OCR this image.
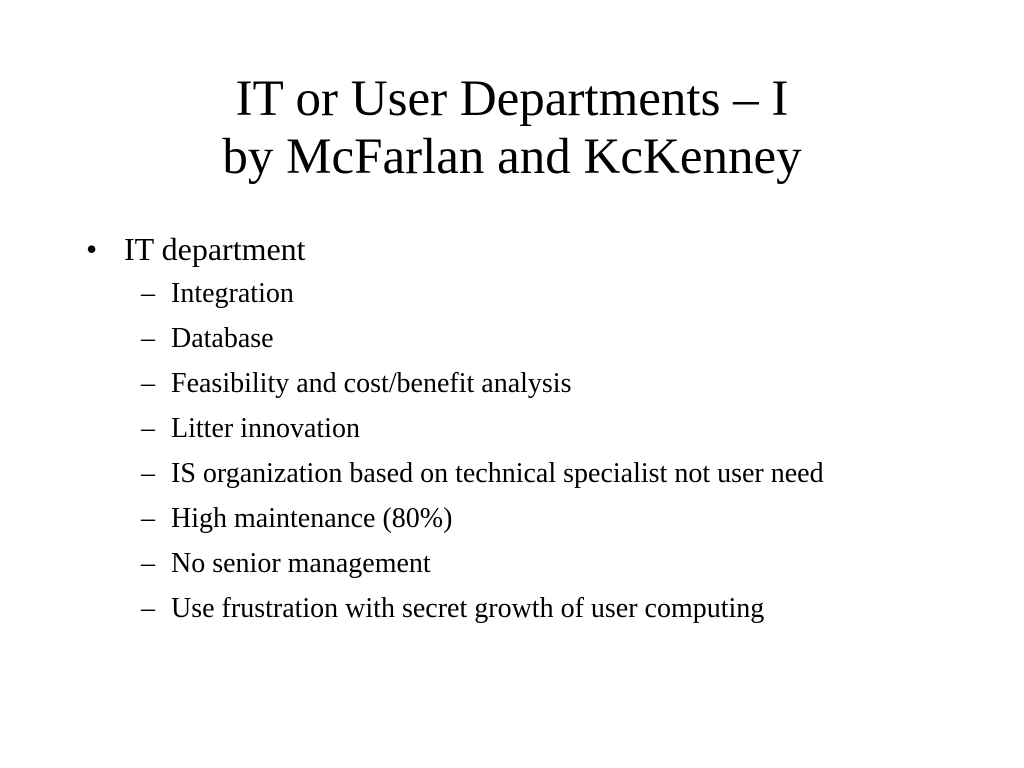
IT or User Departments – I
by McFarlan and KcKenney
• IT department
– Integration
– Database
– Feasibility and cost/benefit analysis
– Litter innovation
– IS organization based on technical specialist not user need
– High maintenance (80%)
– No senior management
– Use frustration with secret growth of user computing
